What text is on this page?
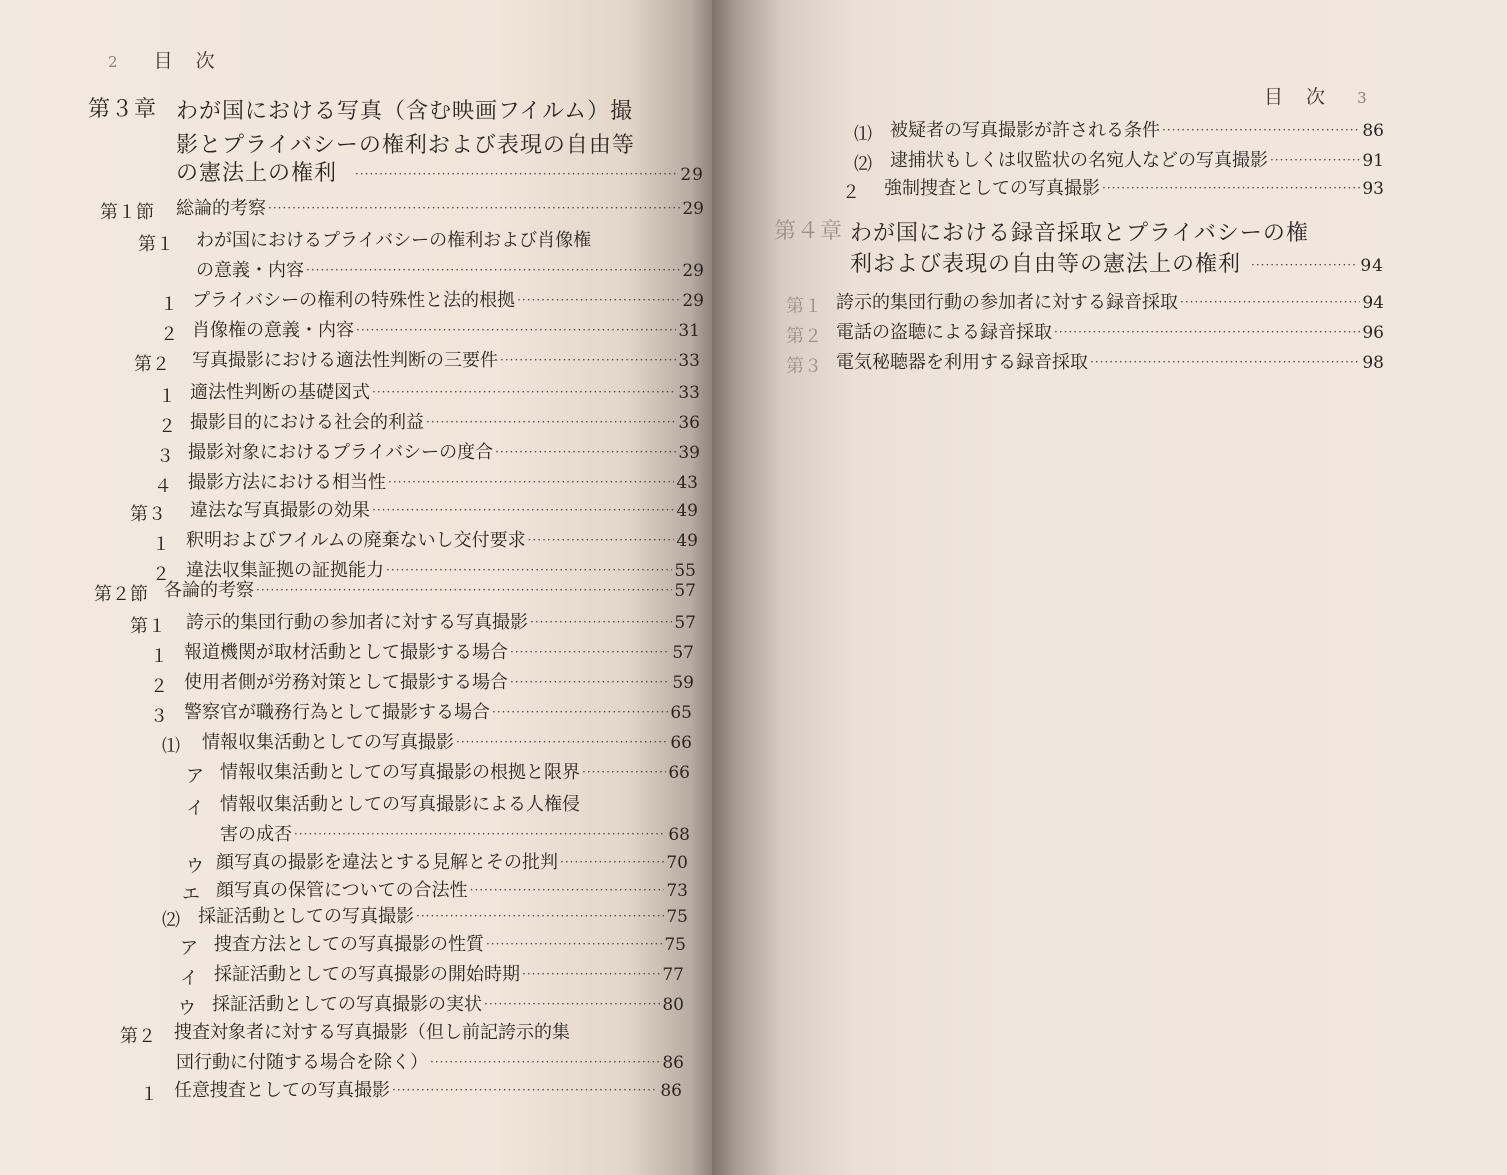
2 目　次
第３章 わが国における写真（含む映画フイルム）撮
影とプライバシーの権利および表現の自由等
の憲法上の権利 ·····	29
第１節 総論的考察 ·····	29
第１ わが国におけるプライバシーの権利および肖像権
の意義・内容 ·····	29
１ プライバシーの権利の特殊性と法的根拠 ·····	29
２ 肖像権の意義・内容 ·····	31
第２ 写真撮影における適法性判断の三要件 ·····	33
１ 適法性判断の基礎図式 ·····	33
２ 撮影目的における社会的利益 ·····	36
３ 撮影対象におけるプライバシーの度合 ·····	39
４ 撮影方法における相当性 ·····	43
第３ 違法な写真撮影の効果 ·····	49
１ 釈明およびフイルムの廃棄ないし交付要求 ·····	49
２ 違法収集証拠の証拠能力 ·····	55
第２節 各論的考察 ·····	57
第１ 誇示的集団行動の参加者に対する写真撮影 ·····	57
１ 報道機関が取材活動として撮影する場合 ·····	57
２ 使用者側が労務対策として撮影する場合 ·····	59
３ 警察官が職務行為として撮影する場合 ·····	65
⑴ 情報収集活動としての写真撮影 ·····	66
ア 情報収集活動としての写真撮影の根拠と限界 ·····	66
イ 情報収集活動としての写真撮影による人権侵
害の成否 ·····	68
ウ 顔写真の撮影を違法とする見解とその批判 ·····	70
エ 顔写真の保管についての合法性 ·····	73
⑵ 採証活動としての写真撮影 ·····	75
ア 捜査方法としての写真撮影の性質 ·····	75
イ 採証活動としての写真撮影の開始時期 ·····	77
ウ 採証活動としての写真撮影の実状 ·····	80
第２ 捜査対象者に対する写真撮影（但し前記誇示的集
団行動に付随する場合を除く） ·····	86
１ 任意捜査としての写真撮影 ·····	86
目　次 3
⑴ 被疑者の写真撮影が許される条件 ·····	86
⑵ 逮捕状もしくは収監状の名宛人などの写真撮影 ·····	91
２ 強制捜査としての写真撮影 ·····	93
第４章 わが国における録音採取とプライバシーの権
利および表現の自由等の憲法上の権利 ·····	94
第１ 誇示的集団行動の参加者に対する録音採取 ·····	94
第２ 電話の盗聴による録音採取 ·····	96
第３ 電気秘聴器を利用する録音採取 ·····	98
